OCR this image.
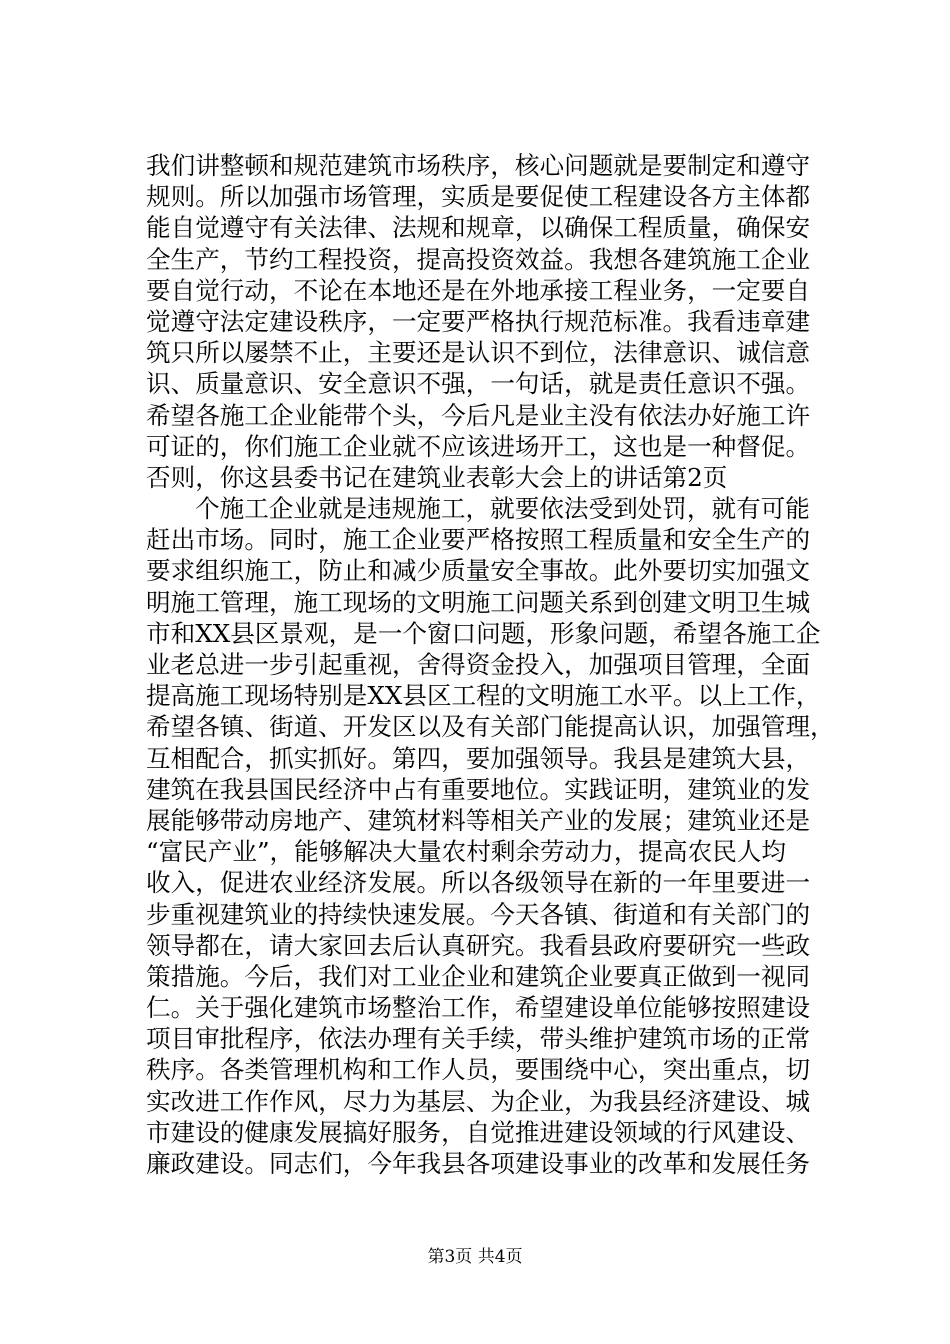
我们讲整顿和规范建筑市场秩序，核心问题就是要制定和遵守
规则。所以加强市场管理，实质是要促使工程建设各方主体都
能自觉遵守有关法律、法规和规章，以确保工程质量，确保安
全生产，节约工程投资，提高投资效益。我想各建筑施工企业
要自觉行动，不论在本地还是在外地承接工程业务，一定要自
觉遵守法定建设秩序，一定要严格执行规范标准。我看违章建
筑只所以屡禁不止，主要还是认识不到位，法律意识、诚信意
识、质量意识、安全意识不强，一句话，就是责任意识不强。
希望各施工企业能带个头，今后凡是业主没有依法办好施工许
可证的，你们施工企业就不应该进场开工，这也是一种督促。
否则，你这县委书记在建筑业表彰大会上的讲话第2页
个施工企业就是违规施工，就要依法受到处罚，就有可能
赶出市场。同时，施工企业要严格按照工程质量和安全生产的
要求组织施工，防止和减少质量安全事故。此外要切实加强文
明施工管理，施工现场的文明施工问题关系到创建文明卫生城
市和XX县区景观，是一个窗口问题，形象问题，希望各施工企
业老总进一步引起重视，舍得资金投入，加强项目管理，全面
提高施工现场特别是XX县区工程的文明施工水平。以上工作，
希望各镇、街道、开发区以及有关部门能提高认识，加强管理，
互相配合，抓实抓好。第四，要加强领导。我县是建筑大县，
建筑在我县国民经济中占有重要地位。实践证明，建筑业的发
展能够带动房地产、建筑材料等相关产业的发展；建筑业还是
“富民产业”，能够解决大量农村剩余劳动力，提高农民人均
收入，促进农业经济发展。所以各级领导在新的一年里要进一
步重视建筑业的持续快速发展。今天各镇、街道和有关部门的
领导都在，请大家回去后认真研究。我看县政府要研究一些政
策措施。今后，我们对工业企业和建筑企业要真正做到一视同
仁。关于强化建筑市场整治工作，希望建设单位能够按照建设
项目审批程序，依法办理有关手续，带头维护建筑市场的正常
秩序。各类管理机构和工作人员，要围绕中心，突出重点，切
实改进工作作风，尽力为基层、为企业，为我县经济建设、城
市建设的健康发展搞好服务，自觉推进建设领域的行风建设、
廉政建设。同志们，今年我县各项建设事业的改革和发展任务
第3页 共4页
